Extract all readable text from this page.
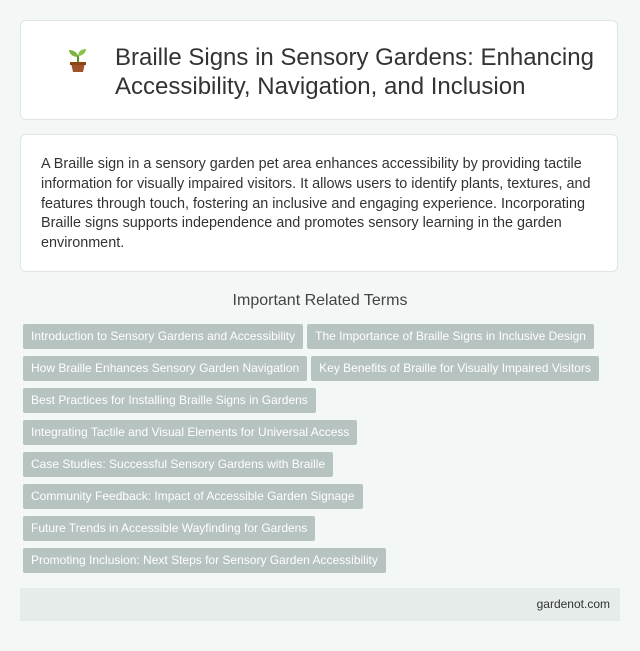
Braille Signs in Sensory Gardens: Enhancing
Accessibility, Navigation, and Inclusion

A Braille sign in a sensory garden pet area enhances accessibility by providing tactile information for visually impaired visitors. It allows users to identify plants, textures, and features through touch, fostering an inclusive and engaging experience. Incorporating Braille signs supports independence and promotes sensory learning in the garden environment.

Important Related Terms
Introduction to Sensory Gardens and Accessibility The Importance of Braille Signs in Inclusive Design
How Braille Enhances Sensory Garden Navigation Key Benefits of Braille for Visually Impaired Visitors
Best Practices for Installing Braille Signs in Gardens
Integrating Tactile and Visual Elements for Universal Access
Case Studies: Successful Sensory Gardens with Braille
Community Feedback: Impact of Accessible Garden Signage
Future Trends in Accessible Wayfinding for Gardens
Promoting Inclusion: Next Steps for Sensory Garden Accessibility
gardenot.com
